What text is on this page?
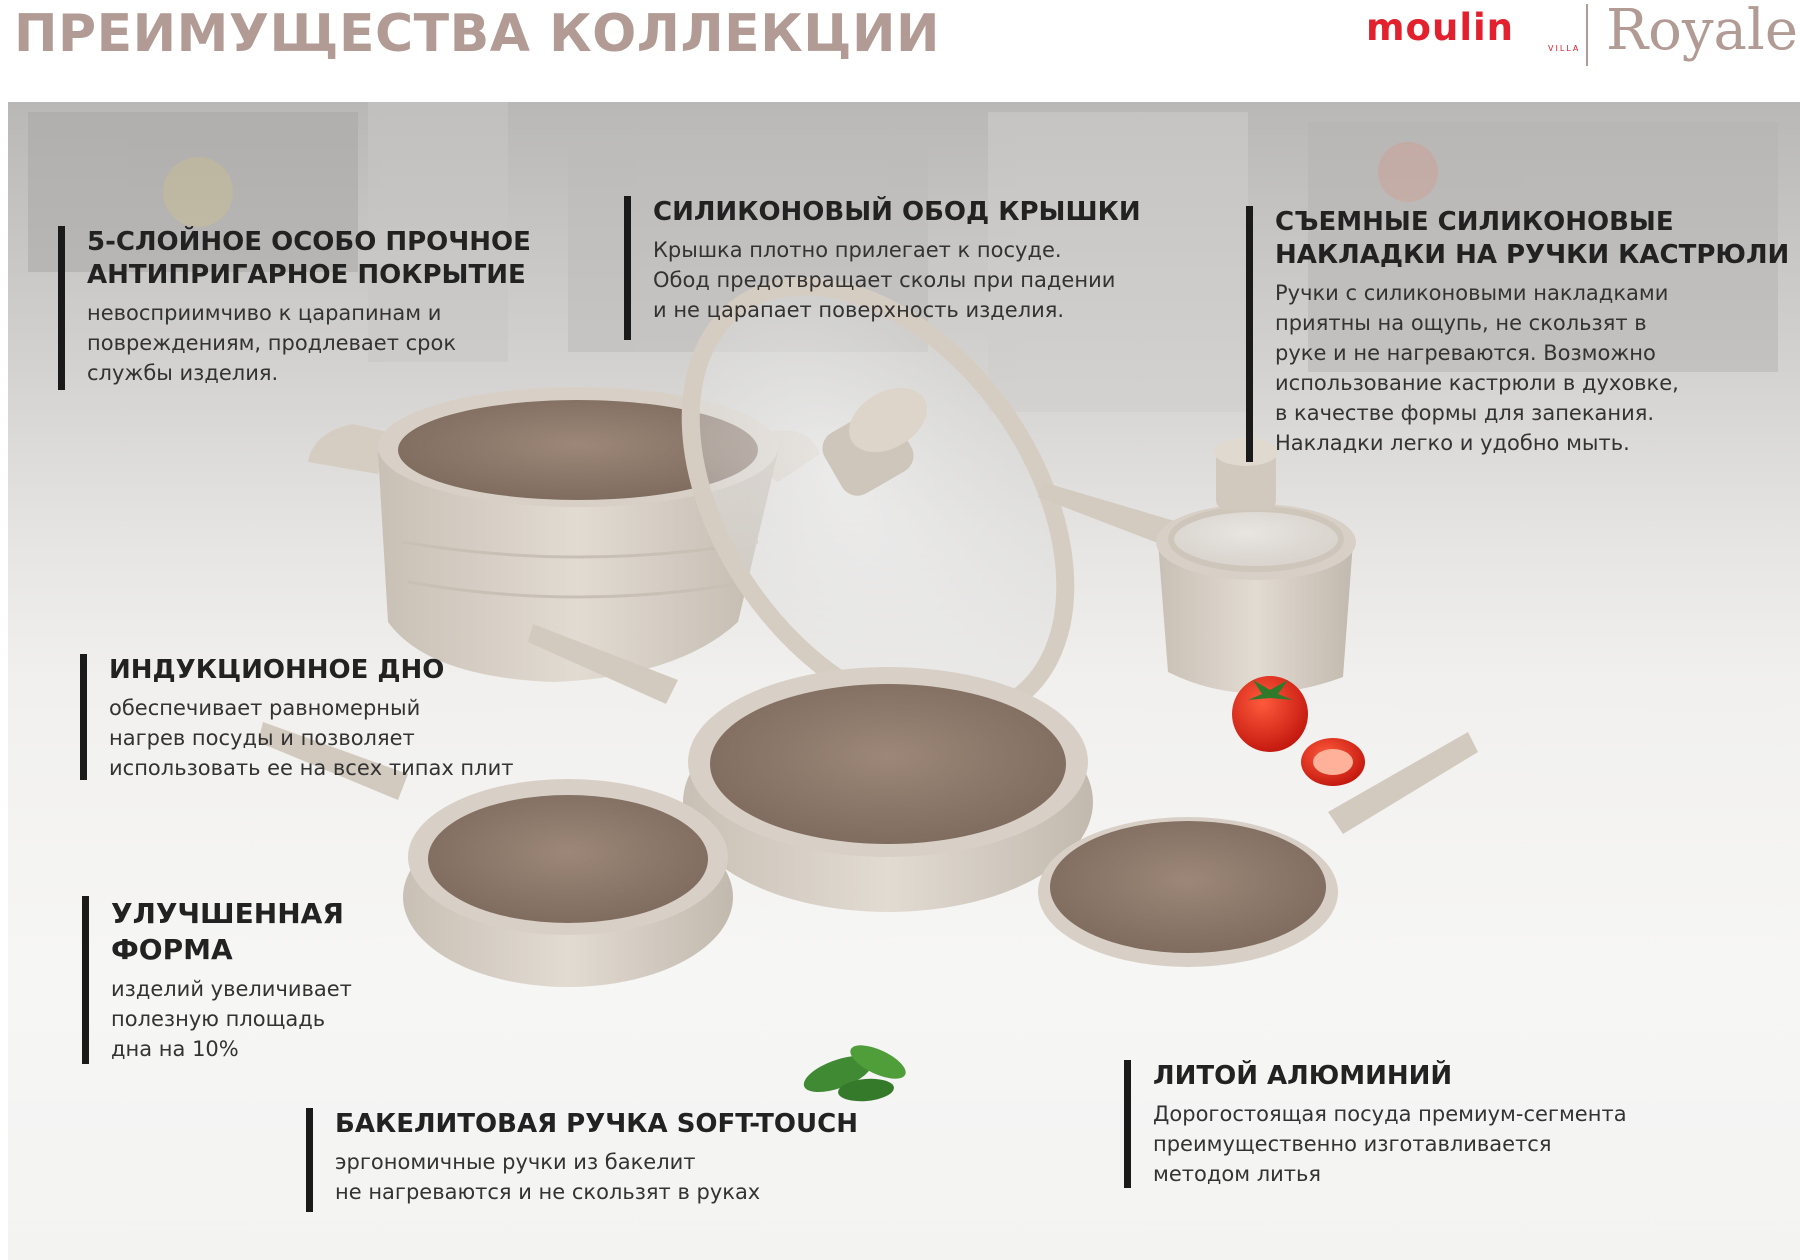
ПРЕИМУЩЕСТВА КОЛЛЕКЦИИ	moulin	VILLA Royale
5-СЛОЙНОЕ ОСОБО ПРОЧНОЕ
АНТИПРИГАРНОЕ ПОКРЫТИЕ
невосприимчиво к царапинам и
повреждениям, продлевает срок
службы изделия.
СИЛИКОНОВЫЙ ОБОД КРЫШКИ
Крышка плотно прилегает к посуде.
Обод предотвращает сколы при падении
и не царапает поверхность изделия.
СЪЕМНЫЕ СИЛИКОНОВЫЕ
НАКЛАДКИ НА РУЧКИ КАСТРЮЛИ
Ручки с силиконовыми накладками
приятны на ощупь, не скользят в
руке и не нагреваются. Возможно
использование кастрюли в духовке,
в качестве формы для запекания.
Накладки легко и удобно мыть.
ИНДУКЦИОННОЕ ДНО
обеспечивает равномерный
нагрев посуды и позволяет
использовать ее на всех типах плит
УЛУЧШЕННАЯ
ФОРМА
изделий увеличивает
полезную площадь
дна на 10%
БАКЕЛИТОВАЯ РУЧКА SOFT-TOUCH
эргономичные ручки из бакелит
не нагреваются и не скользят в руках
ЛИТОЙ АЛЮМИНИЙ
Дорогостоящая посуда премиум-сегмента
преимущественно изготавливается
методом литья
